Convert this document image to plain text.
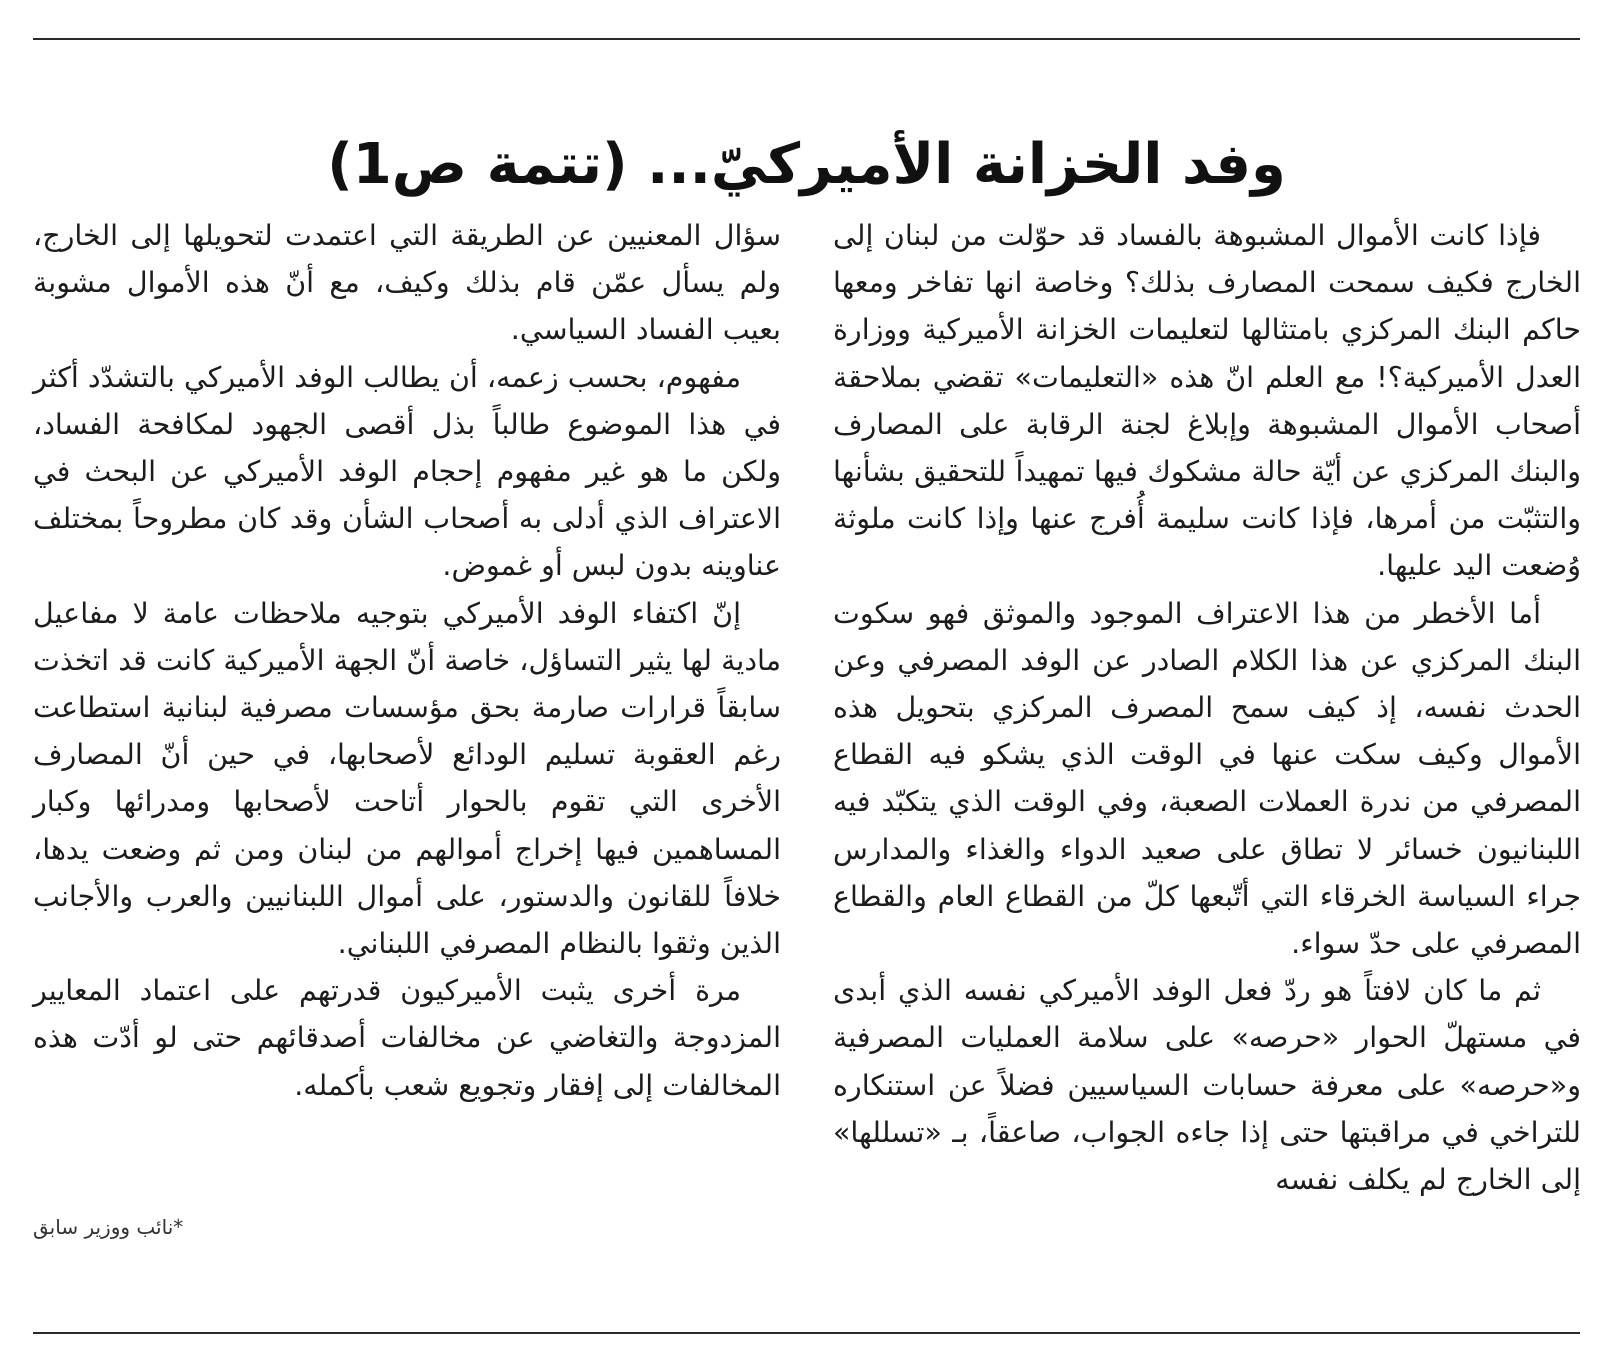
وفد الخزانة الأميركيّ... (تتمة ص1)

فإذا كانت الأموال المشبوهة بالفساد قد حوّلت من لبنان إلى الخارج فكيف سمحت المصارف بذلك؟ وخاصة انها تفاخر ومعها حاكم البنك المركزي بامتثالها لتعليمات الخزانة الأميركية ووزارة العدل الأميركية؟! مع العلم انّ هذه «التعليمات» تقضي بملاحقة أصحاب الأموال المشبوهة وإبلاغ لجنة الرقابة على المصارف والبنك المركزي عن أيّة حالة مشكوك فيها تمهيداً للتحقيق بشأنها والتثبّت من أمرها، فإذا كانت سليمة أُفرج عنها وإذا كانت ملوثة وُضعت اليد عليها.

أما الأخطر من هذا الاعتراف الموجود والموثق فهو سكوت البنك المركزي عن هذا الكلام الصادر عن الوفد المصرفي وعن الحدث نفسه، إذ كيف سمح المصرف المركزي بتحويل هذه الأموال وكيف سكت عنها في الوقت الذي يشكو فيه القطاع المصرفي من ندرة العملات الصعبة، وفي الوقت الذي يتكبّد فيه اللبنانيون خسائر لا تطاق على صعيد الدواء والغذاء والمدارس جراء السياسة الخرقاء التي أتّبعها كلّ من القطاع العام والقطاع المصرفي على حدّ سواء.

ثم ما كان لافتاً هو ردّ فعل الوفد الأميركي نفسه الذي أبدى في مستهلّ الحوار «حرصه» على سلامة العمليات المصرفية و«حرصه» على معرفة حسابات السياسيين فضلاً عن استنكاره للتراخي في مراقبتها حتى إذا جاءه الجواب، صاعقاً، بـ «تسللها» إلى الخارج لم يكلف نفسه

سؤال المعنيين عن الطريقة التي اعتمدت لتحويلها إلى الخارج، ولم يسأل عمّن قام بذلك وكيف، مع أنّ هذه الأموال مشوبة بعيب الفساد السياسي.

مفهوم، بحسب زعمه، أن يطالب الوفد الأميركي بالتشدّد أكثر في هذا الموضوع طالباً بذل أقصى الجهود لمكافحة الفساد، ولكن ما هو غير مفهوم إحجام الوفد الأميركي عن البحث في الاعتراف الذي أدلى به أصحاب الشأن وقد كان مطروحاً بمختلف عناوينه بدون لبس أو غموض.

إنّ اكتفاء الوفد الأميركي بتوجيه ملاحظات عامة لا مفاعيل مادية لها يثير التساؤل، خاصة أنّ الجهة الأميركية كانت قد اتخذت سابقاً قرارات صارمة بحق مؤسسات مصرفية لبنانية استطاعت رغم العقوبة تسليم الودائع لأصحابها، في حين أنّ المصارف الأخرى التي تقوم بالحوار أتاحت لأصحابها ومدرائها وكبار المساهمين فيها إخراج أموالهم من لبنان ومن ثم وضعت يدها، خلافاً للقانون والدستور، على أموال اللبنانيين والعرب والأجانب الذين وثقوا بالنظام المصرفي اللبناني.

مرة أخرى يثبت الأميركيون قدرتهم على اعتماد المعايير المزدوجة والتغاضي عن مخالفات أصدقائهم حتى لو أدّت هذه المخالفات إلى إفقار وتجويع شعب بأكمله.

*نائب ووزير سابق
